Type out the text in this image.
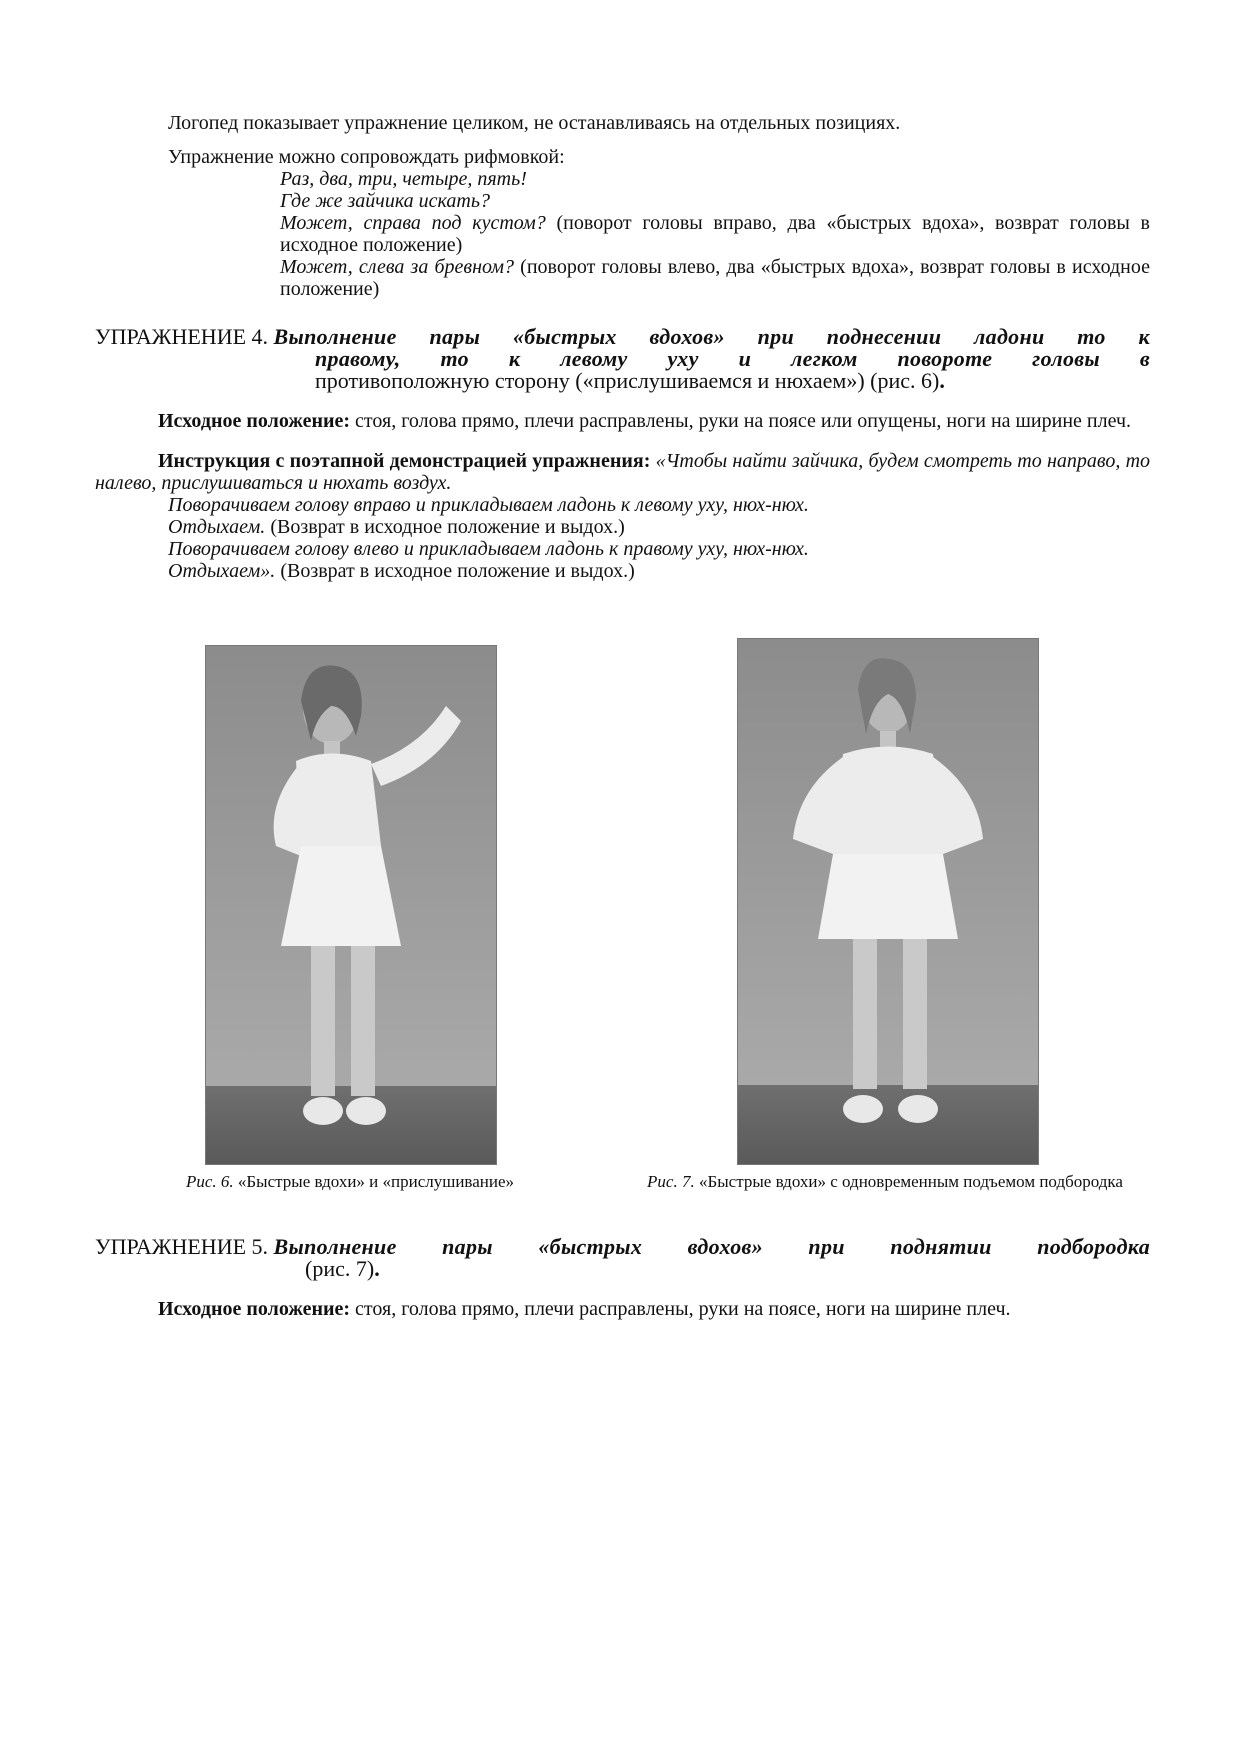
Логопед показывает упражнение целиком, не останавливаясь на отдельных позициях.

Упражнение можно сопровождать рифмовкой:

Раз, два, три, четыре, пять!
Где же зайчика искать?
Может, справа под кустом? (поворот головы вправо, два «быстрых вдоха», возврат головы в исходное положение)
Может, слева за бревном? (поворот головы влево, два «быстрых вдоха», возврат головы в исходное положение)
УПРАЖНЕНИЕ 4. Выполнение пары «быстрых вдохов» при поднесении ладони то к
правому, то к левому уху и легком повороте головы в
противоположную сторону («прислушиваемся и нюхаем») (рис. 6).

Исходное положение: стоя, голова прямо, плечи расправлены, руки на поясе или опущены, ноги на ширине плеч.

Инструкция с поэтапной демонстрацией упражнения: «Чтобы найти зайчика, будем смотреть то направо, то налево, прислушиваться и нюхать воздух.

Поворачиваем голову вправо и прикладываем ладонь к левому уху, нюх-нюх.
Отдыхаем. (Возврат в исходное положение и выдох.)
Поворачиваем голову влево и прикладываем ладонь к правому уху, нюх-нюх.
Отдыхаем». (Возврат в исходное положение и выдох.)
Рис. 6. «Быстрые вдохи» и «прислушивание»	Рис. 7. «Быстрые вдохи» с одновременным подъемом подбородка
УПРАЖНЕНИЕ 5. Выполнение пары «быстрых вдохов» при поднятии подбородка
(рис. 7).

Исходное положение: стоя, голова прямо, плечи расправлены, руки на поясе, ноги на ширине плеч.
